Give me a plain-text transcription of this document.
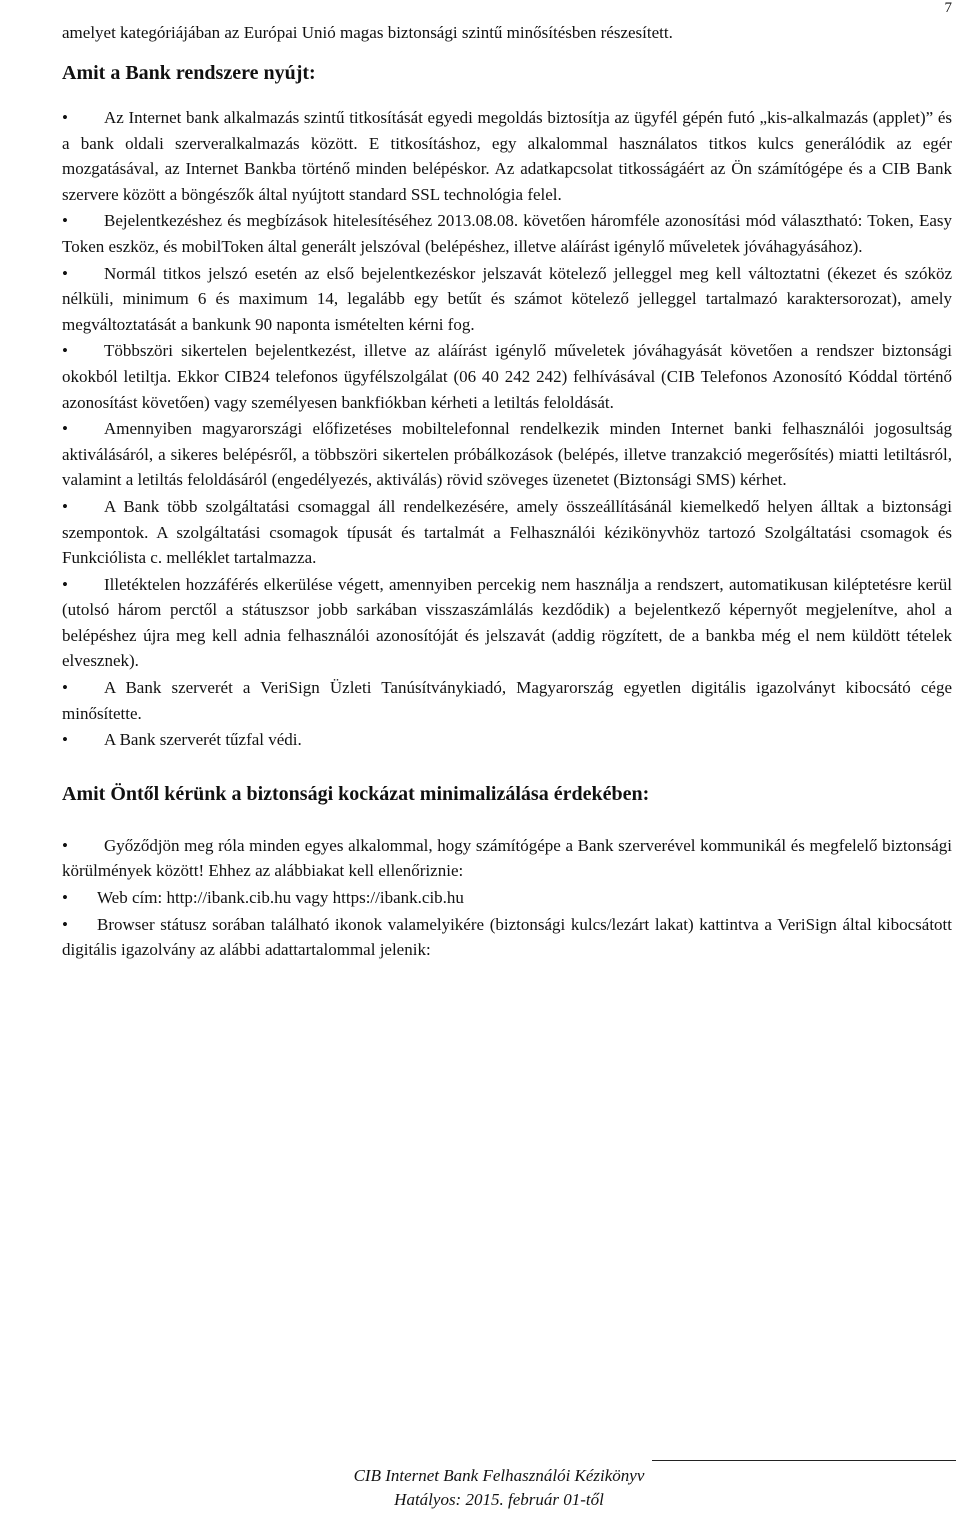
7

amelyet kategóriájában az Európai Unió magas biztonsági szintű minősítésben részesített.

Amit a Bank rendszere nyújt:
•	Az Internet bank alkalmazás szintű titkosítását egyedi megoldás biztosítja az ügyfél gépén futó „kis-alkalmazás (applet)” és a bank oldali szerveralkalmazás között. E titkosításhoz, egy alkalommal használatos titkos kulcs generálódik az egér mozgatásával, az Internet Bankba történő minden belépéskor. Az adatkapcsolat titkosságáért az Ön számítógépe és a CIB Bank szervere között a böngészők által nyújtott standard SSL technológia felel.

•	Bejelentkezéshez és megbízások hitelesítéséhez 2013.08.08. követően háromféle azonosítási mód választható: Token, Easy Token eszköz, és mobilToken által generált jelszóval (belépéshez, illetve aláírást igénylő műveletek jóváhagyásához).

•	Normál titkos jelszó esetén az első bejelentkezéskor jelszavát kötelező jelleggel meg kell változtatni (ékezet és szóköz nélküli, minimum 6 és maximum 14, legalább egy betűt és számot kötelező jelleggel tartalmazó karaktersorozat), amely megváltoztatását a bankunk 90 naponta ismételten kérni fog.

•	Többszöri sikertelen bejelentkezést, illetve az aláírást igénylő műveletek jóváhagyását követően a rendszer biztonsági okokból letiltja. Ekkor CIB24 telefonos ügyfélszolgálat (06 40 242 242) felhívásával (CIB Telefonos Azonosító Kóddal történő azonosítást követően) vagy személyesen bankfiókban kérheti a letiltás feloldását.

•	Amennyiben magyarországi előfizetéses mobiltelefonnal rendelkezik minden Internet banki felhasználói jogosultság aktiválásáról, a sikeres belépésről, a többszöri sikertelen próbálkozások (belépés, illetve tranzakció megerősítés) miatti letiltásról, valamint a letiltás feloldásáról (engedélyezés, aktiválás) rövid szöveges üzenetet (Biztonsági SMS) kérhet.

•	A Bank több szolgáltatási csomaggal áll rendelkezésére, amely összeállításánál kiemelkedő helyen álltak a biztonsági szempontok. A szolgáltatási csomagok típusát és tartalmát a Felhasználói kézikönyvhöz tartozó Szolgáltatási csomagok és Funkciólista c. melléklet tartalmazza.

•	Illetéktelen hozzáférés elkerülése végett, amennyiben percekig nem használja a rendszert, automatikusan kiléptetésre kerül (utolsó három perctől a státuszsor jobb sarkában visszaszámlálás kezdődik) a bejelentkező képernyőt megjelenítve, ahol a belépéshez újra meg kell adnia felhasználói azonosítóját és jelszavát (addig rögzített, de a bankba még el nem küldött tételek elvesznek).

•	A Bank szerverét a VeriSign Üzleti Tanúsítványkiadó, Magyarország egyetlen digitális igazolványt kibocsátó cége minősítette.

•	A Bank szerverét tűzfal védi.

Amit Öntől kérünk a biztonsági kockázat minimalizálása érdekében:
•	Győződjön meg róla minden egyes alkalommal, hogy számítógépe a Bank szerverével kommunikál és megfelelő biztonsági körülmények között! Ehhez az alábbiakat kell ellenőriznie:

•	Web cím: http://ibank.cib.hu vagy https://ibank.cib.hu

•	Browser státusz sorában található ikonok valamelyikére (biztonsági kulcs/lezárt lakat) kattintva a VeriSign által kibocsátott digitális igazolvány az alábbi adattartalommal jelenik:

CIB Internet Bank Felhasználói Kézikönyv
Hatályos: 2015. február 01-től
